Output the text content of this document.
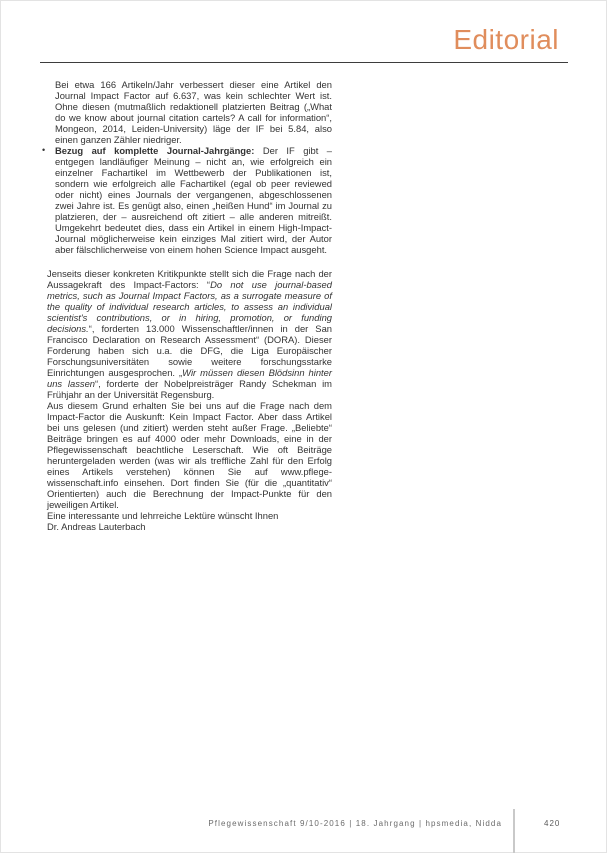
Editorial

Bei etwa 166 Artikeln/Jahr verbessert dieser eine Artikel den Journal Impact Factor auf 6.637, was kein schlechter Wert ist. Ohne diesen (mutmaßlich redaktionell platzierten Beitrag („What do we know about journal citation cartels? A call for information“, Mongeon, 2014, Leiden-University) läge der IF bei 5.84, also einen ganzen Zähler niedriger.

• Bezug auf komplette Journal-Jahrgänge: Der IF gibt – entgegen landläufiger Meinung – nicht an, wie erfolgreich ein einzelner Fachartikel im Wettbewerb der Publikationen ist, sondern wie erfolgreich alle Fachartikel (egal ob peer reviewed oder nicht) eines Journals der vergangenen, abgeschlossenen zwei Jahre ist. Es genügt also, einen „heißen Hund“ im Journal zu platzieren, der – ausreichend oft zitiert – alle anderen mitreißt. Umgekehrt bedeutet dies, dass ein Artikel in einem High-Impact-Journal möglicherweise kein einziges Mal zitiert wird, der Autor aber fälschlicherweise von einem hohen Science Impact ausgeht.

Jenseits dieser konkreten Kritikpunkte stellt sich die Frage nach der Aussagekraft des Impact-Factors: “Do not use journal-based metrics, such as Journal Impact Factors, as a surrogate measure of the quality of individual research articles, to assess an individual scientist's contributions, or in hiring, promotion, or funding decisions.“, forderten 13.000 Wissenschaftler/innen in der San Francisco Declaration on Research Assessment“ (DORA). Dieser Forderung haben sich u.a. die DFG, die Liga Europäischer Forschungsuniversitäten sowie weitere forschungsstarke Einrichtungen ausgesprochen. „Wir müssen diesen Blödsinn hinter uns lassen“, forderte der Nobelpreisträger Randy Schekman im Frühjahr an der Universität Regensburg.

Aus diesem Grund erhalten Sie bei uns auf die Frage nach dem Impact-Factor die Auskunft: Kein Impact Factor. Aber dass Artikel bei uns gelesen (und zitiert) werden steht außer Frage. „Beliebte“ Beiträge bringen es auf 4000 oder mehr Downloads, eine in der Pflegewissenschaft beachtliche Leserschaft. Wie oft Beiträge heruntergeladen werden (was wir als treffliche Zahl für den Erfolg eines Artikels verstehen) können Sie auf www.pflege-wissenschaft.info einsehen. Dort finden Sie (für die „quantitativ“ Orientierten) auch die Berechnung der Impact-Punkte für den jeweiligen Artikel.

Eine interessante und lehrreiche Lektüre wünscht Ihnen

Dr. Andreas Lauterbach

Pflegewissenschaft 9/10-2016 | 18. Jahrgang | hpsmedia, Nidda	420
